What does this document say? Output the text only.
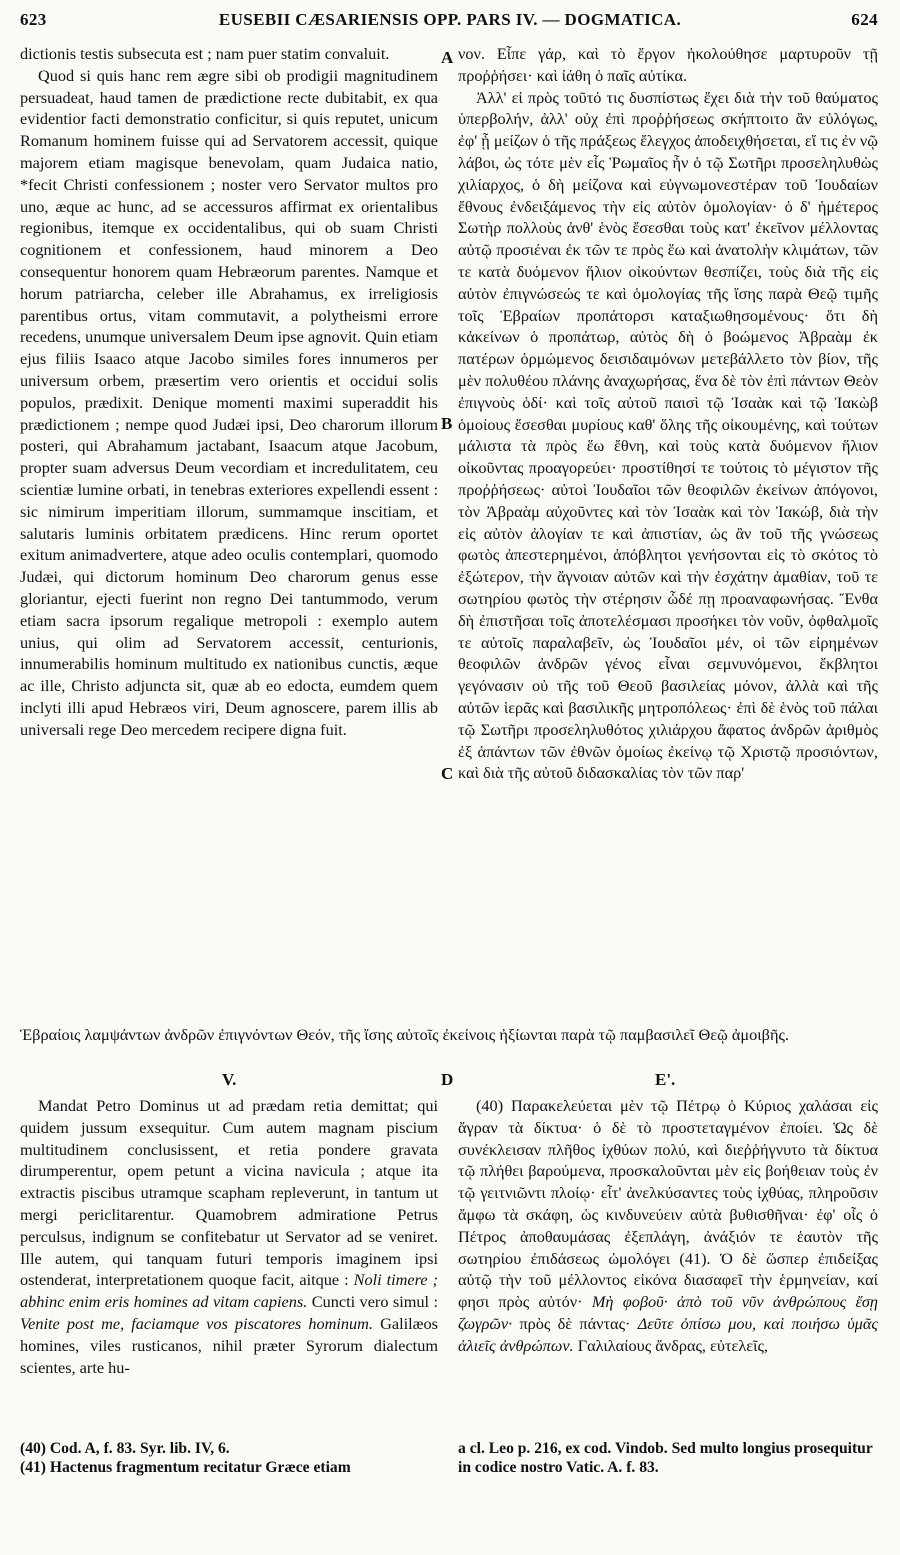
623	EUSEBII CÆSARIENSIS OPP. PARS IV. — DOGMATICA.	624

dictionis testis subsecuta est ; nam puer statim convaluit.

Quod si quis hanc rem ægre sibi ob prodigii magnitudinem persuadeat, haud tamen de prædictione recte dubitabit, ex qua evidentior facti demonstratio conficitur, si quis reputet, unicum Romanum hominem fuisse qui ad Servatorem accessit, quique majorem etiam magisque benevolam, quam Judaica natio, *fecit Christi confessionem ; noster vero Servator multos pro uno, æque ac hunc, ad se accessuros affirmat ex orientalibus regionibus, itemque ex occidentalibus, qui ob suam Christi cognitionem et confessionem, haud minorem a Deo consequentur honorem quam Hebræorum parentes. Namque et horum patriarcha, celeber ille Abrahamus, ex irreligiosis parentibus ortus, vitam commutavit, a polytheismi errore recedens, unumque universalem Deum ipse agnovit. Quin etiam ejus filiis Isaaco atque Jacobo similes fores innumeros per universum orbem, præsertim vero orientis et occidui solis populos, prædixit. Denique momenti maximi superaddit his prædictionem ; nempe quod Judæi ipsi, Deo charorum illorum posteri, qui Abrahamum jactabant, Isaacum atque Jacobum, propter suam adversus Deum vecordiam et incredulitatem, ceu scientiæ lumine orbati, in tenebras exteriores expellendi essent : sic nimirum imperitiam illorum, summamque inscitiam, et salutaris luminis orbitatem prædicens. Hinc rerum oportet exitum animadvertere, atque adeo oculis contemplari, quomodo Judæi, qui dictorum hominum Deo charorum genus esse gloriantur, ejecti fuerint non regno Dei tantummodo, verum etiam sacra ipsorum regalique metropoli : exemplo autem unius, qui olim ad Servatorem accessit, centurionis, innumerabilis hominum multitudo ex nationibus cunctis, æque ac ille, Christo adjuncta sit, quæ ab eo edocta, eumdem quem inclyti illi apud Hebræos viri, Deum agnoscere, parem illis ab universali rege Deo mercedem recipere digna fuit.

νον. Εἶπε γάρ, καὶ τὸ ἔργον ἠκολούθησε μαρτυροῦν τῇ προῤῥήσει· καὶ ἰάθη ὁ παῖς αὐτίκα.

Ἀλλ' εἰ πρὸς τοῦτό τις δυσπίστως ἔχει διὰ τὴν τοῦ θαύματος ὑπερβολήν, ἀλλ' οὐχ ἐπὶ προῤῥήσεως σκήπτοιτο ἂν εὐλόγως, ἐφ' ᾗ μείζων ὁ τῆς πράξεως ἔλεγχος ἀποδειχθήσεται, εἴ τις ἐν νῷ λάβοι, ὡς τότε μὲν εἷς Ῥωμαῖος ἦν ὁ τῷ Σωτῆρι προσεληλυθὼς χιλίαρχος, ὁ δὴ μείζονα καὶ εὐγνωμονεστέραν τοῦ Ἰουδαίων ἔθνους ἐνδειξάμενος τὴν εἰς αὐτὸν ὁμολογίαν· ὁ δ' ἡμέτερος Σωτὴρ πολλοὺς ἀνθ' ἑνὸς ἔσεσθαι τοὺς κατ' ἐκεῖνον μέλλοντας αὐτῷ προσιέναι ἐκ τῶν τε πρὸς ἕω καὶ ἀνατολὴν κλιμάτων, τῶν τε κατὰ δυόμενον ἥλιον οἰκούντων θεσπίζει, τοὺς διὰ τῆς εἰς αὐτὸν ἐπιγνώσεώς τε καὶ ὁμολογίας τῆς ἴσης παρὰ Θεῷ τιμῆς τοῖς Ἑβραίων προπάτορσι καταξιωθησομένους· ὅτι δὴ κἀκείνων ὁ προπάτωρ, αὐτὸς δὴ ὁ βοώμενος Ἀβραὰμ ἐκ πατέρων ὁρμώμενος δεισιδαιμόνων μετεβάλλετο τὸν βίον, τῆς μὲν πολυθέου πλάνης ἀναχωρήσας, ἕνα δὲ τὸν ἐπὶ πάντων Θεὸν ἐπιγνοὺς ὁδί· καὶ τοῖς αὐτοῦ παισὶ τῷ Ἰσαὰκ καὶ τῷ Ἰακὼβ ὁμοίους ἔσεσθαι μυρίους καθ' ὅλης τῆς οἰκουμένης, καὶ τούτων μάλιστα τὰ πρὸς ἕω ἔθνη, καὶ τοὺς κατὰ δυόμενον ἥλιον οἰκοῦντας προαγορεύει· προστίθησί τε τούτοις τὸ μέγιστον τῆς προῤῥήσεως· αὐτοὶ Ἰουδαῖοι τῶν θεοφιλῶν ἐκείνων ἀπόγονοι, τὸν Ἀβραὰμ αὐχοῦντες καὶ τὸν Ἰσαὰκ καὶ τὸν Ἰακώβ, διὰ τὴν εἰς αὐτὸν ἀλογίαν τε καὶ ἀπιστίαν, ὡς ἂν τοῦ τῆς γνώσεως φωτὸς ἀπεστερημένοι, ἀπόβλητοι γενήσονται εἰς τὸ σκότος τὸ ἐξώτερον, τὴν ἄγνοιαν αὐτῶν καὶ τὴν ἐσχάτην ἀμαθίαν, τοῦ τε σωτηρίου φωτὸς τὴν στέρησιν ὧδέ πῃ προαναφωνήσας. Ἔνθα δὴ ἐπιστῆσαι τοῖς ἀποτελέσμασι προσήκει τὸν νοῦν, ὀφθαλμοῖς τε αὐτοῖς παραλαβεῖν, ὡς Ἰουδαῖοι μέν, οἱ τῶν εἰρημένων θεοφιλῶν ἀνδρῶν γένος εἶναι σεμνυνόμενοι, ἔκβλητοι γεγόνασιν οὐ τῆς τοῦ Θεοῦ βασιλείας μόνον, ἀλλὰ καὶ τῆς αὐτῶν ἱερᾶς καὶ βασιλικῆς μητροπόλεως· ἐπὶ δὲ ἑνὸς τοῦ πάλαι τῷ Σωτῆρι προσεληλυθότος χιλιάρχου ἄφατος ἀνδρῶν ἀριθμὸς ἐξ ἁπάντων τῶν ἐθνῶν ὁμοίως ἐκείνῳ τῷ Χριστῷ προσιόντων, καὶ διὰ τῆς αὐτοῦ διδασκαλίας τὸν τῶν παρ'

A
B
C
Ἑβραίοις λαμψάντων ἀνδρῶν ἐπιγνόντων Θεόν, τῆς ἴσης αὐτοῖς ἐκείνοις ἠξίωνται παρὰ τῷ παμβασιλεῖ Θεῷ ἀμοιβῆς.
V.	D	Ε'.

Mandat Petro Dominus ut ad prædam retia demittat; qui quidem jussum exsequitur. Cum autem magnam piscium multitudinem conclusissent, et retia pondere gravata dirumperentur, opem petunt a vicina navicula ; atque ita extractis piscibus utramque scapham repleverunt, in tantum ut mergi periclitarentur. Quamobrem admiratione Petrus perculsus, indignum se confitebatur ut Servator ad se veniret. Ille autem, qui tanquam futuri temporis imaginem ipsi ostenderat, interpretationem quoque facit, aitque : Noli timere ; abhinc enim eris homines ad vitam capiens. Cuncti vero simul : Venite post me, faciamque vos piscatores hominum. Galilæos homines, viles rusticanos, nihil præter Syrorum dialectum scientes, arte hu-

(40) Παρακελεύεται μὲν τῷ Πέτρῳ ὁ Κύριος χαλάσαι εἰς ἄγραν τὰ δίκτυα· ὁ δὲ τὸ προστεταγμένον ἐποίει. Ὡς δὲ συνέκλεισαν πλῆθος ἰχθύων πολύ, καὶ διεῤῥήγνυτο τὰ δίκτυα τῷ πλήθει βαρούμενα, προσκαλοῦνται μὲν εἰς βοήθειαν τοὺς ἐν τῷ γειτνιῶντι πλοίῳ· εἶτ' ἀνελκύσαντες τοὺς ἰχθύας, πληροῦσιν ἄμφω τὰ σκάφη, ὡς κινδυνεύειν αὐτὰ βυθισθῆναι· ἐφ' οἷς ὁ Πέτρος ἀποθαυμάσας ἐξεπλάγη, ἀνάξιόν τε ἑαυτὸν τῆς σωτηρίου ἐπιδάσεως ὡμολόγει (41). Ὁ δὲ ὥσπερ ἐπιδείξας αὐτῷ τὴν τοῦ μέλλοντος εἰκόνα διασαφεῖ τὴν ἑρμηνείαν, καί φησι πρὸς αὐτόν· Μὴ φοβοῦ· ἀπὸ τοῦ νῦν ἀνθρώπους ἔσῃ ζωγρῶν· πρὸς δὲ πάντας· Δεῦτε ὀπίσω μου, καὶ ποιήσω ὑμᾶς ἁλιεῖς ἀνθρώπων. Γαλιλαίους ἄνδρας, εὐτελεῖς,

(40) Cod. A, f. 83. Syr. lib. IV, 6.
(41) Hactenus fragmentum recitatur Græce etiam
a cl. Leo p. 216, ex cod. Vindob. Sed multo longius prosequitur in codice nostro Vatic. A. f. 83.
